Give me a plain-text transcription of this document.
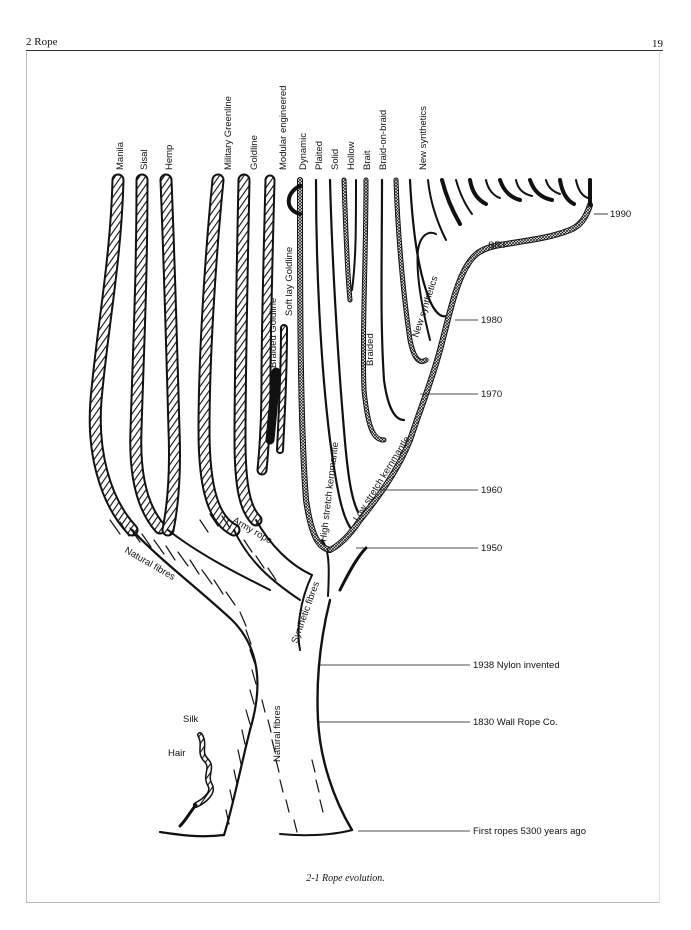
2 Rope	19
Manila Sisal Hemp	Military Greenline Goldline Modular engineered Dynamic Plaited Solid Hollow Brait Braid-on-braid	New synthetics
Natural fibres
Army rope
Synthetic fibres
High stretch kernmantle Low stretch kernmantle
Braided Goldline
Soft lay Goldline
Braided
New synthetics
SRT
Natural fibres
Silk
Hair
1990
1980
1970
1960
1950
1938 Nylon invented
1830 Wall Rope Co.
First ropes 5300 years ago
2-1 Rope evolution.
